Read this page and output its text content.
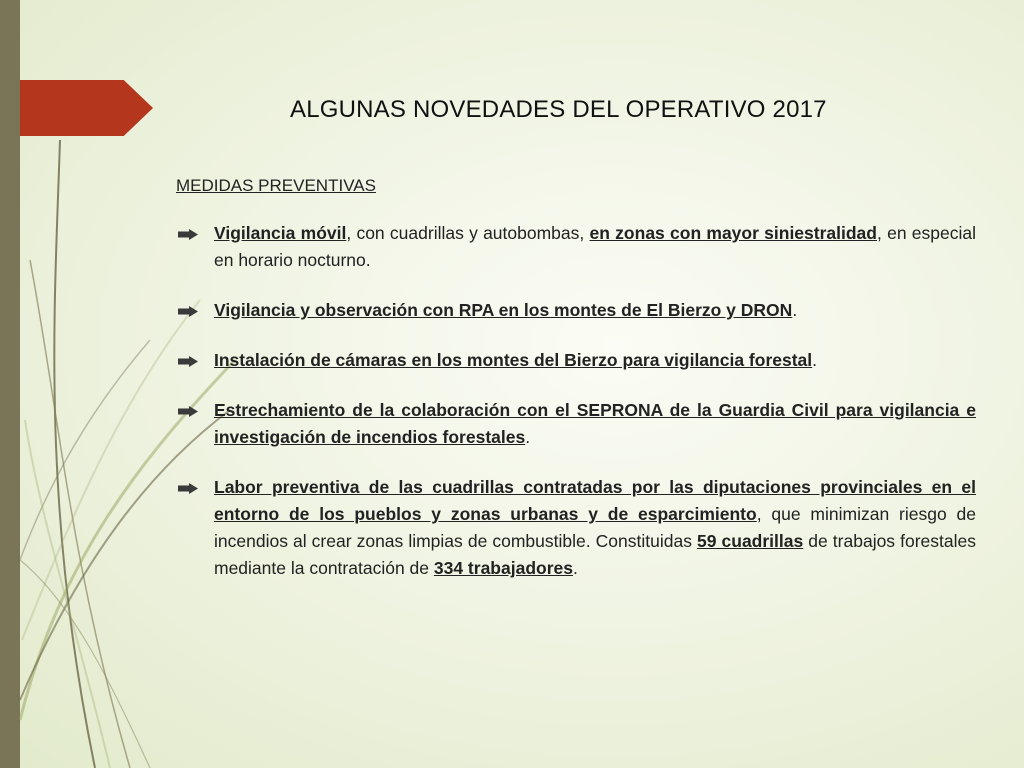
ALGUNAS NOVEDADES DEL OPERATIVO 2017
MEDIDAS PREVENTIVAS
Vigilancia móvil, con cuadrillas y autobombas, en zonas con mayor siniestralidad, en especial en horario nocturno.
Vigilancia y observación con RPA en los montes de El Bierzo y DRON.
Instalación de cámaras en los montes del Bierzo para vigilancia forestal.
Estrechamiento de la colaboración con el SEPRONA de la Guardia Civil para vigilancia e investigación de incendios forestales.
Labor preventiva de las cuadrillas contratadas por las diputaciones provinciales en el entorno de los pueblos y zonas urbanas y de esparcimiento, que minimizan riesgo de incendios al crear zonas limpias de combustible. Constituidas 59 cuadrillas de trabajos forestales mediante la contratación de 334 trabajadores.
